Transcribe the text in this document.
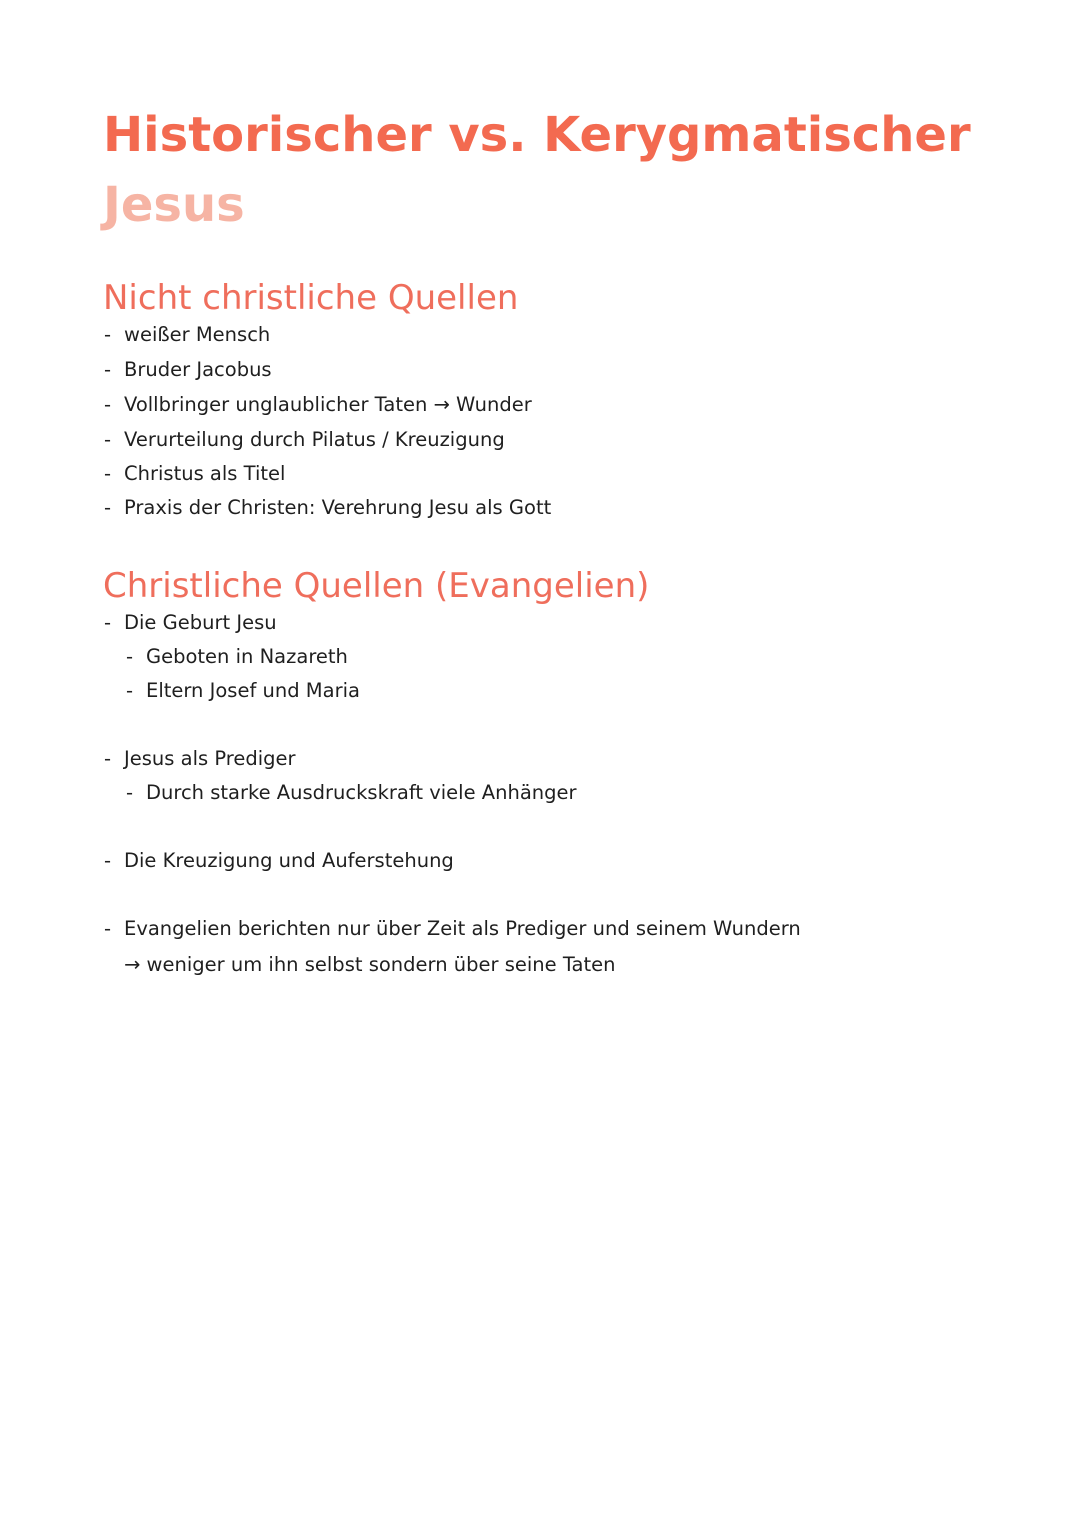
Historischer vs. Kerygmatischer
Jesus
Nicht christliche Quellen
- weißer Mensch
- Bruder Jacobus
- Vollbringer unglaublicher Taten → Wunder
- Verurteilung durch Pilatus / Kreuzigung
- Christus als Titel
- Praxis der Christen: Verehrung Jesu als Gott
Christliche Quellen (Evangelien)
- Die Geburt Jesu
- Geboten in Nazareth
- Eltern Josef und Maria
- Jesus als Prediger
- Durch starke Ausdruckskraft viele Anhänger
- Die Kreuzigung und Auferstehung
- Evangelien berichten nur über Zeit als Prediger und seinem Wundern
→ weniger um ihn selbst sondern über seine Taten
